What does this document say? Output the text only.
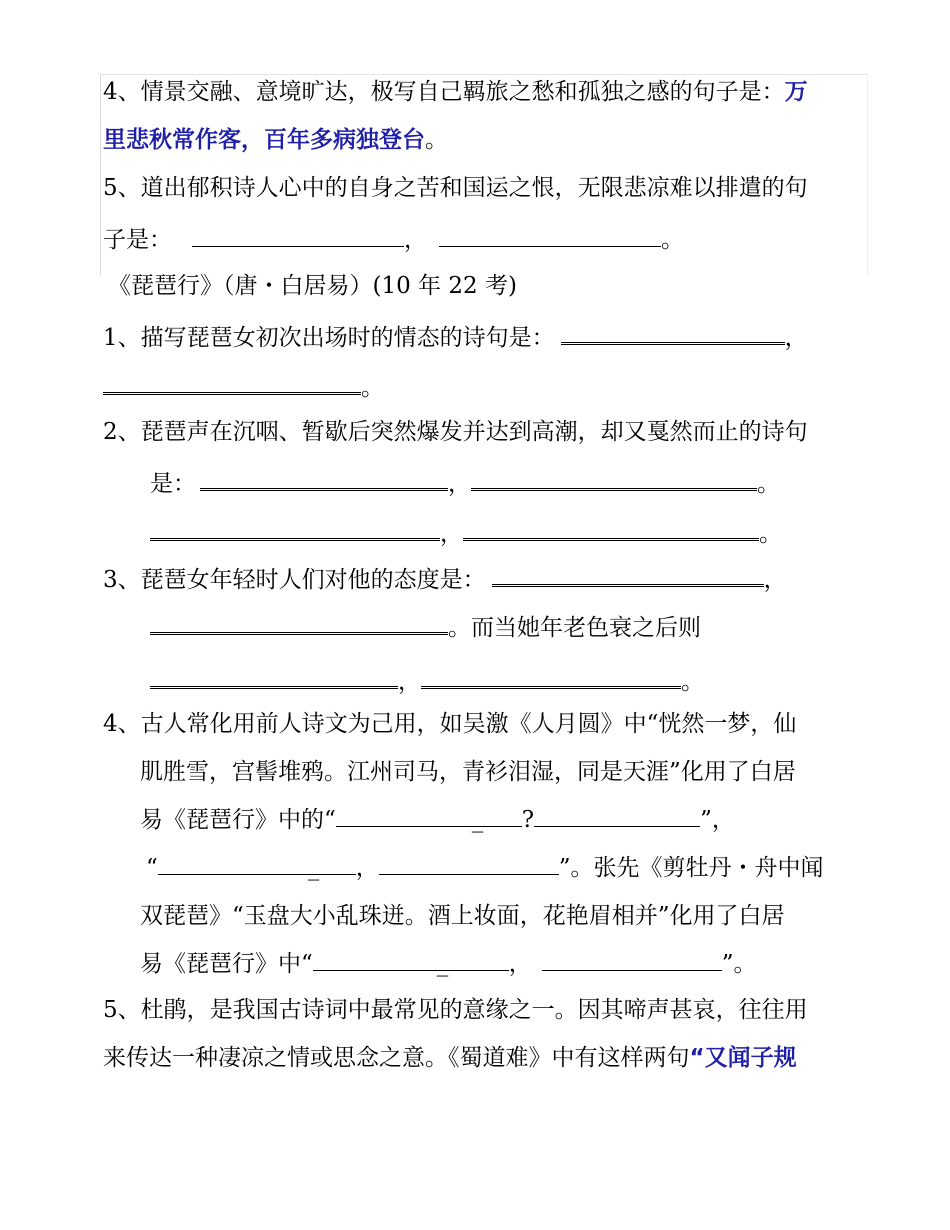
4、情景交融、意境旷达，极写自己羁旅之愁和孤独之感的句子是：万
里悲秋常作客，百年多病独登台。
5、道出郁积诗人心中的自身之苦和国运之恨，无限悲凉难以排遣的句
子是：	，	。
《琵琶行》（唐・白居易）(10 年 22 考)
1、描写琵琶女初次出场时的情态的诗句是：	，
。
2、琵琶声在沉咽、暂歇后突然爆发并达到高潮，却又戛然而止的诗句
是：	，	。
，	。
3、琵琶女年轻时人们对他的态度是：	，
。而当她年老色衰之后则
，	。
4、古人常化用前人诗文为己用，如吴激《人月圆》中“恍然一梦，仙
肌胜雪，宫髻堆鸦。江州司马，青衫泪湿，同是天涯”化用了白居
易《琵琶行》中的“	_ ?	”，
“	_ ，	”。张先《剪牡丹・舟中闻
双琵琶》“玉盘大小乱珠迸。酒上妆面，花艳眉相并”化用了白居
易《琵琶行》中“	_	，	”。
5、杜鹃，是我国古诗词中最常见的意缘之一。因其啼声甚哀，往往用
来传达一种凄凉之情或思念之意。《蜀道难》中有这样两句“又闻子规
